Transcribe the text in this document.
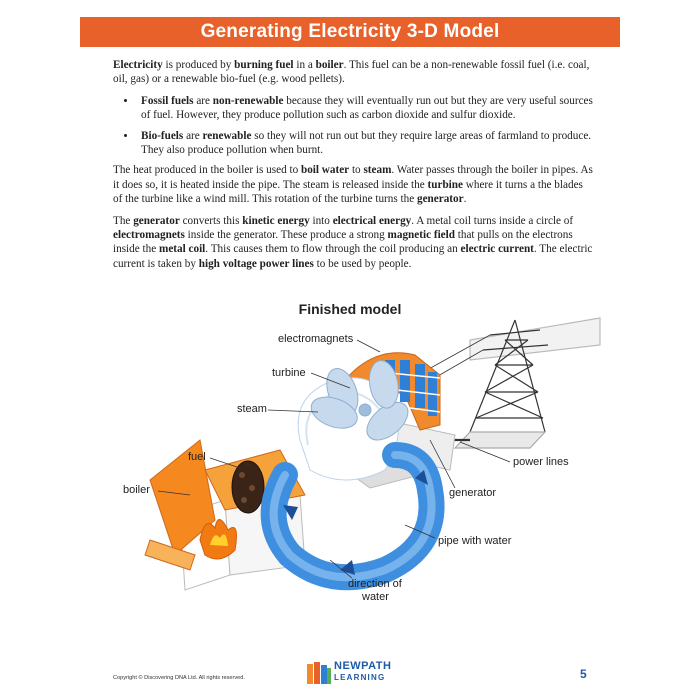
Generating Electricity 3-D Model

Electricity is produced by burning fuel in a boiler. This fuel can be a non-renewable fossil fuel (i.e. coal, oil, gas) or a renewable bio-fuel (e.g. wood pellets).

• Fossil fuels are non-renewable because they will eventually run out but they are very useful sources of fuel. However, they produce pollution such as carbon dioxide and sulfur dioxide.
• Bio-fuels are renewable so they will not run out but they require large areas of farmland to produce. They also produce pollution when burnt.

The heat produced in the boiler is used to boil water to steam. Water passes through the boiler in pipes. As it does so, it is heated inside the pipe. The steam is released inside the turbine where it turns a the blades of the turbine like a wind mill. This rotation of the turbine turns the generator.

The generator converts this kinetic energy into electrical energy. A metal coil turns inside a circle of electromagnets inside the generator. These produce a strong magnetic field that pulls on the electrons inside the metal coil. This causes them to flow through the coil producing an electric current. The electric current is taken by high voltage power lines to be used by people.

Finished model
electromagnets
turbine
steam
fuel
boiler
power lines
generator
pipe with water
direction of
water
Copyright © Discovering DNA Ltd. All rights reserved.
NEWPATH
LEARNING	5
